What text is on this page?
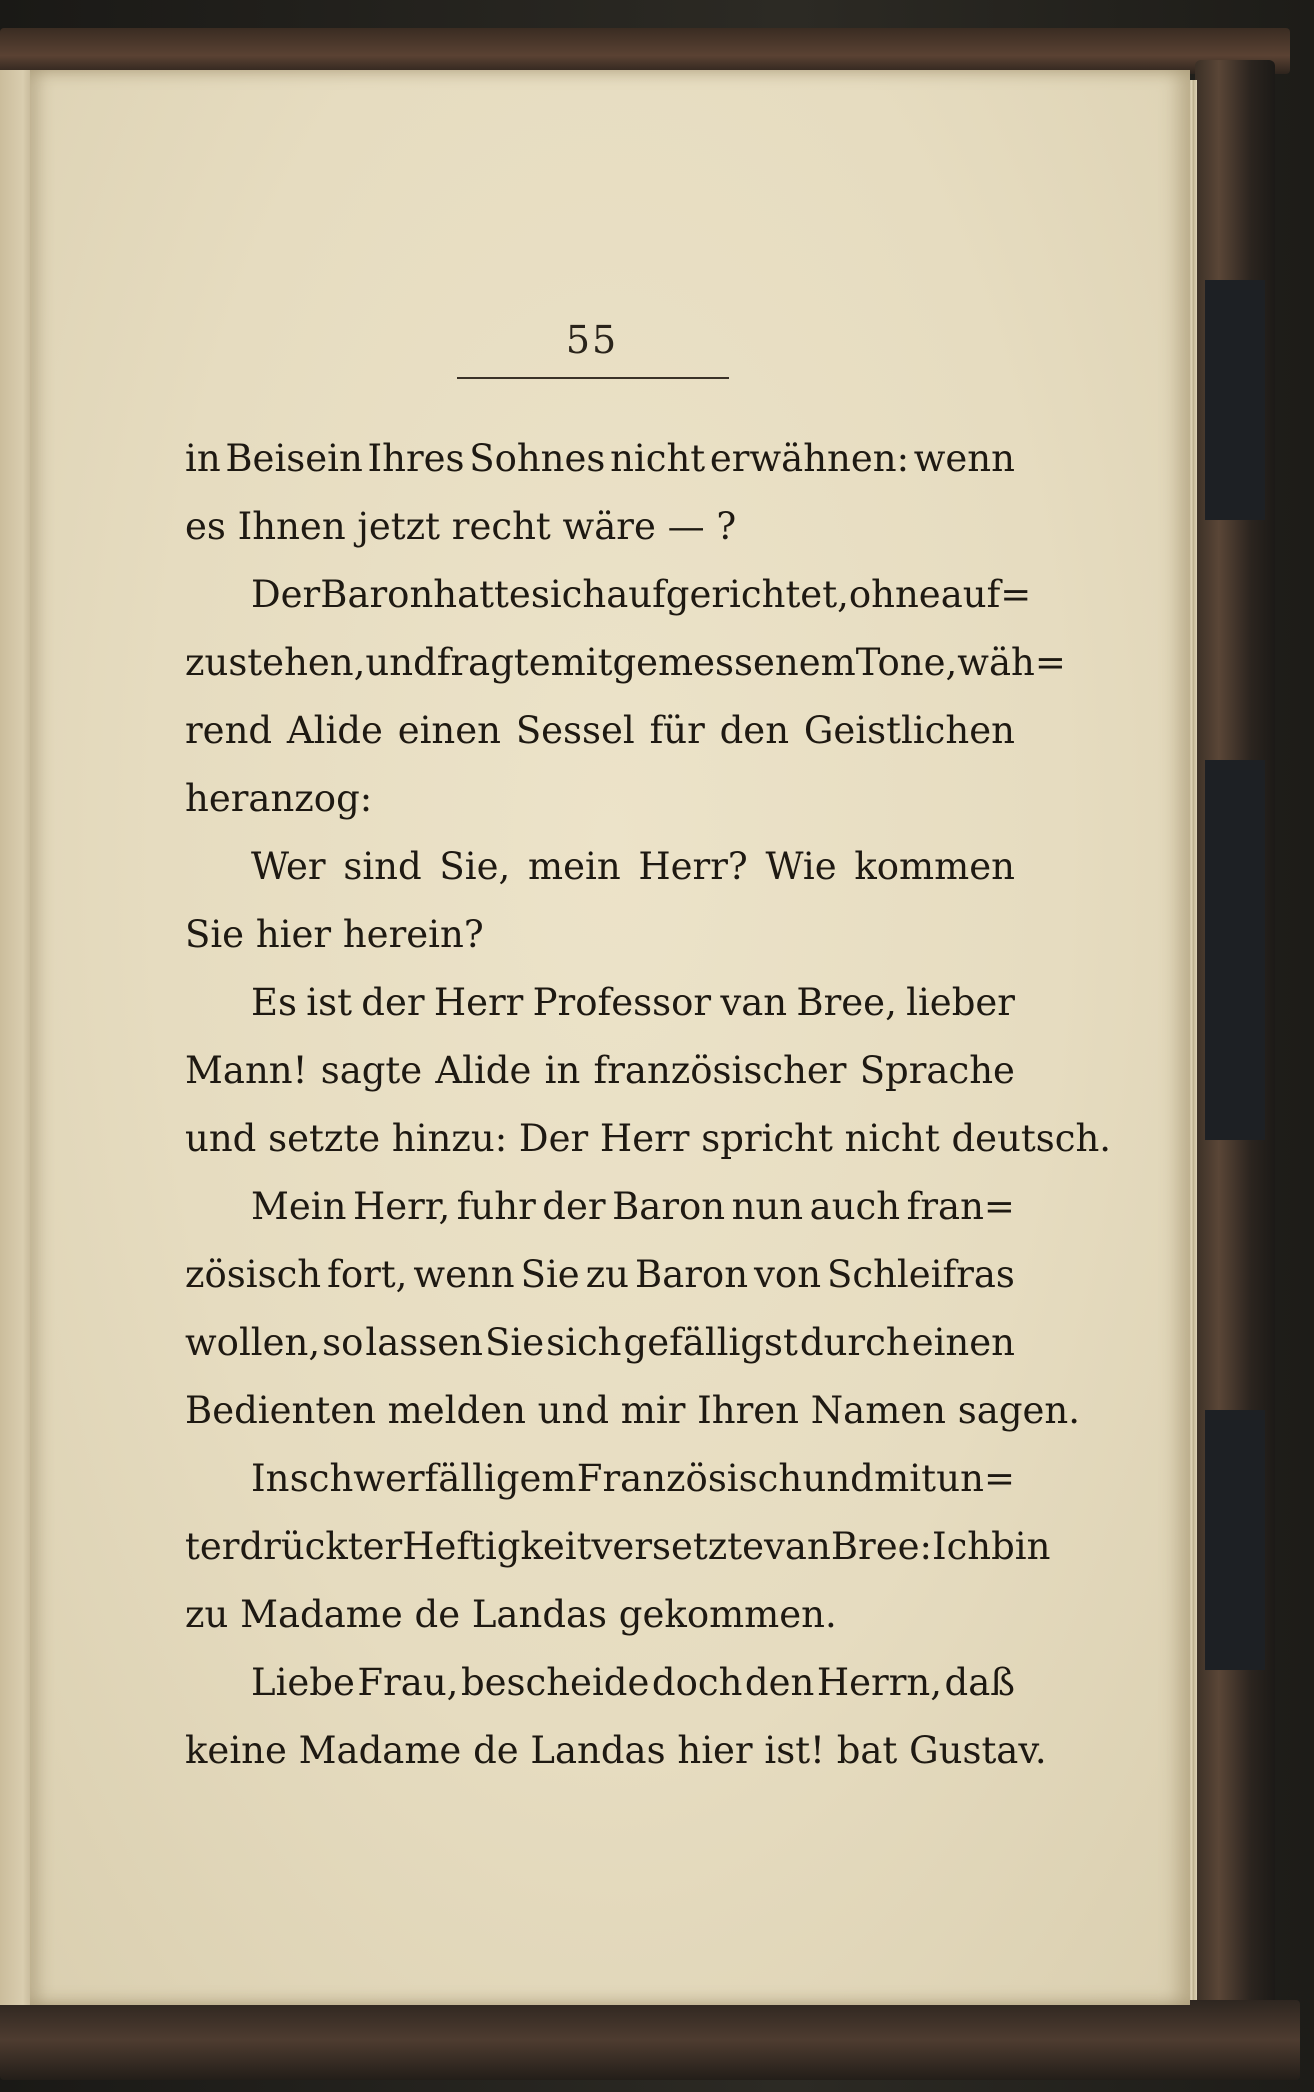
55
in Beisein Ihres Sohnes nicht erwähnen: wenn
es Ihnen jetzt recht wäre — ?
Der Baron hatte sich aufgerichtet, ohne auf=
zustehen, und fragte mit gemessenem Tone, wäh=
rend Alide einen Sessel für den Geistlichen
heranzog:
Wer sind Sie, mein Herr? Wie kommen
Sie hier herein?
Es ist der Herr Professor van Bree, lieber
Mann! sagte Alide in französischer Sprache
und setzte hinzu: Der Herr spricht nicht deutsch.
Mein Herr, fuhr der Baron nun auch fran=
zösisch fort, wenn Sie zu Baron von Schleifras
wollen, so lassen Sie sich gefälligst durch einen
Bedienten melden und mir Ihren Namen sagen.
In schwerfälligem Französisch und mit un=
terdrückter Heftigkeit versetzte van Bree: Ich bin
zu Madame de Landas gekommen.
Liebe Frau, bescheide doch den Herrn, daß
keine Madame de Landas hier ist! bat Gustav.
